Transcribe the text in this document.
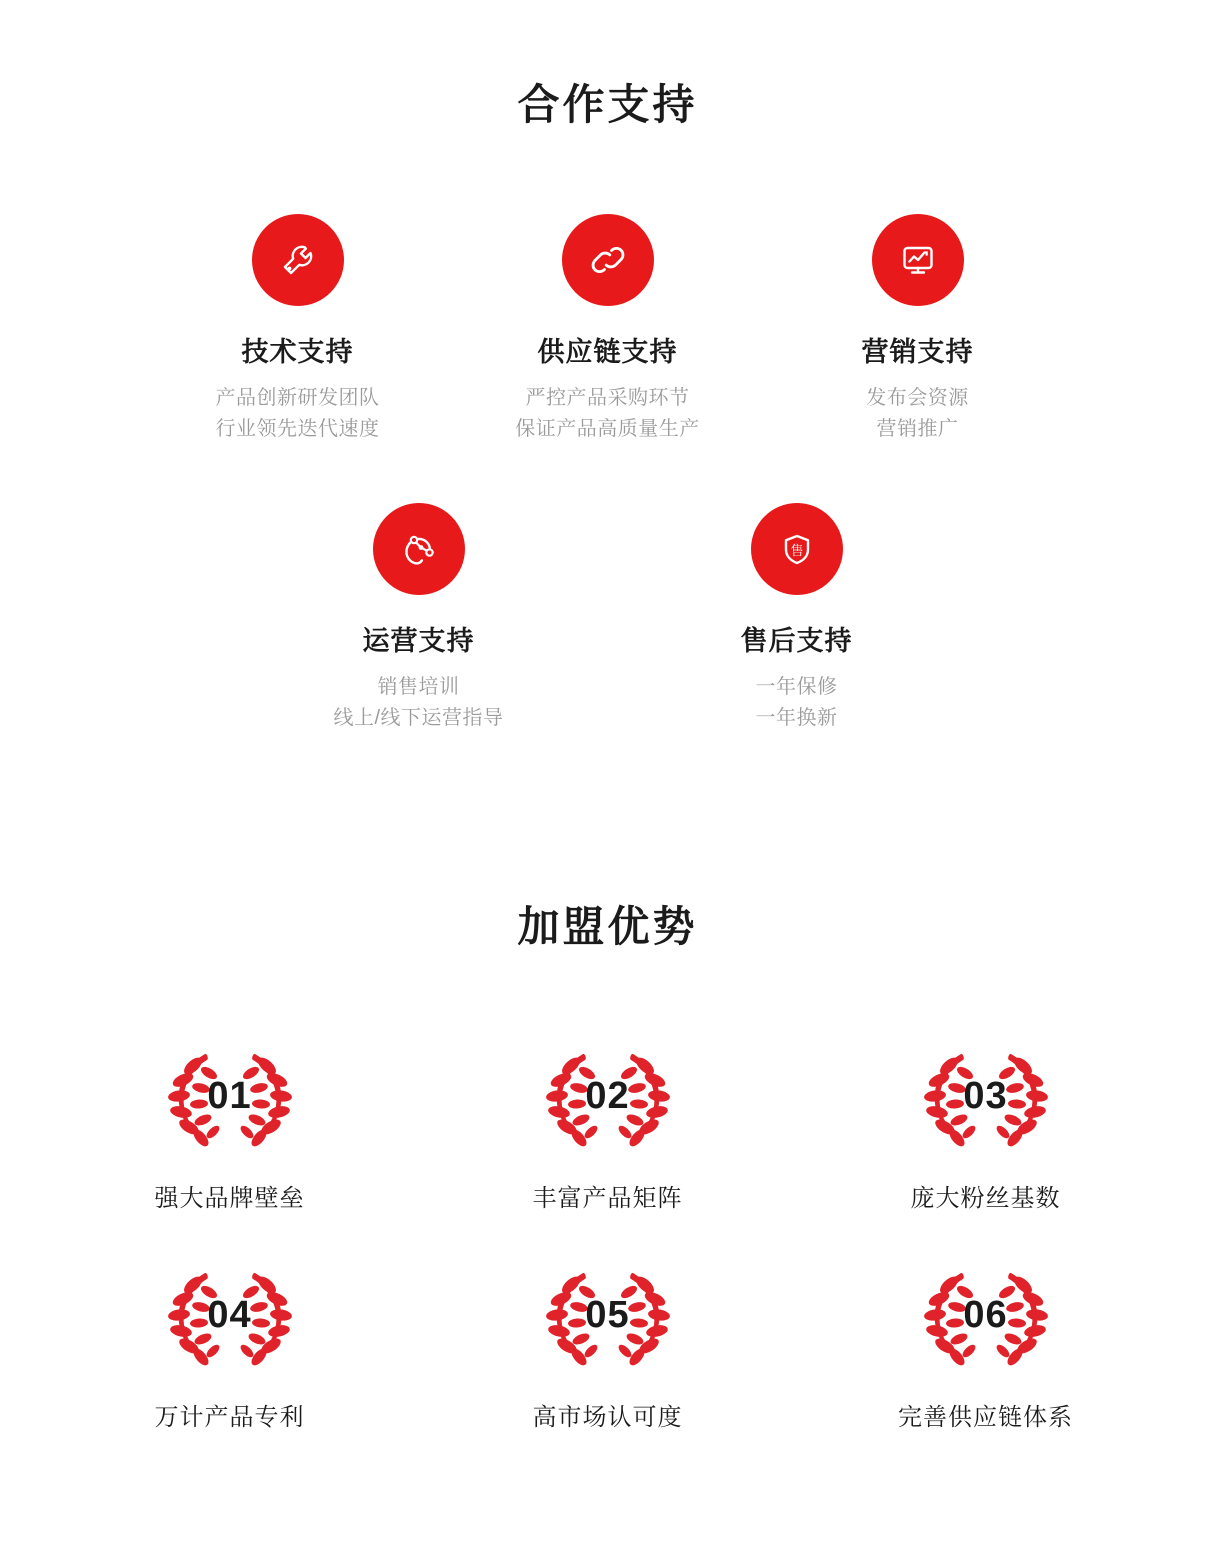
合作支持
技术支持
产品创新研发团队
行业领先迭代速度
供应链支持
严控产品采购环节
保证产品高质量生产
营销支持
发布会资源
营销推广
运营支持
销售培训
线上/线下运营指导
售
售后支持
一年保修
一年换新
加盟优势
01
强大品牌壁垒
02
丰富产品矩阵
03
庞大粉丝基数
04
万计产品专利
05
高市场认可度
06
完善供应链体系
